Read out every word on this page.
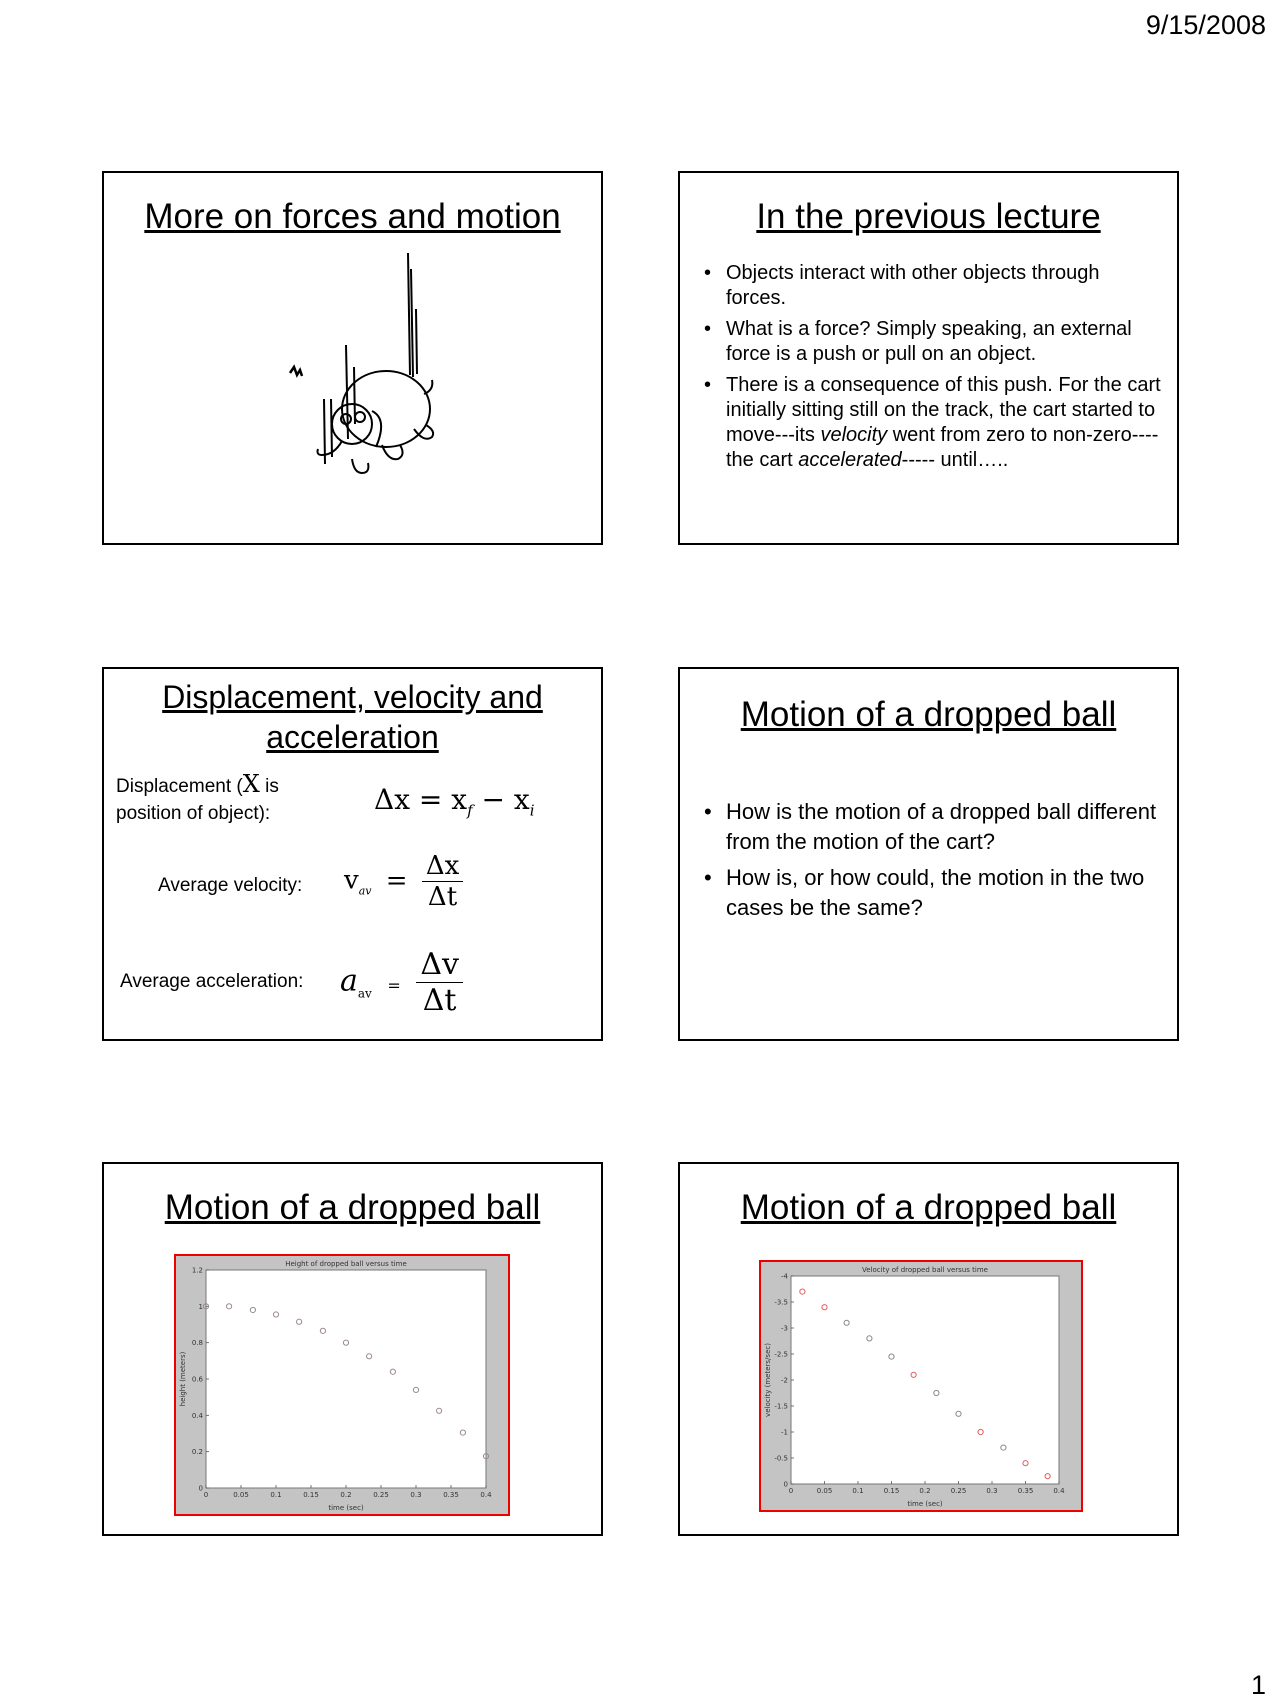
9/15/2008
More on forces and motion	In the previous lecture
• Objects interact with other objects through forces.
• What is a force? Simply speaking, an external force is a push or pull on an object.
• There is a consequence of this push. For the cart initially sitting still on the track, the cart started to move---its velocity went from zero to non-zero---- the cart accelerated----- until…..
Displacement, velocity and
acceleration
Displacement (X is
position of object):	$\Delta x = x_f - x_i$
Average velocity: $v_{av} = \frac{\Delta x}{\Delta t}$
Average acceleration: $a_{av} = \frac{\Delta v}{\Delta t}$
Motion of a dropped ball
• How is the motion of a dropped ball different from the motion of the cart?
• How is, or how could, the motion in the two cases be the same?
Motion of a dropped ball
Height of dropped ball versus time
time (sec)
height (meters)
0	0.05	0.1	0.15	0.2	0.25	0.3	0.35	0.4
0
0.2
0.4
0.6
0.8
1
1.2
Motion of a dropped ball
Velocity of dropped ball versus time
time (sec)
velocity (meters/sec)
0	0.05	0.1	0.15	0.2	0.25	0.3	0.35	0.4
0
-0.5
-1
-1.5
-2
-2.5
-3
-3.5
-4
1
